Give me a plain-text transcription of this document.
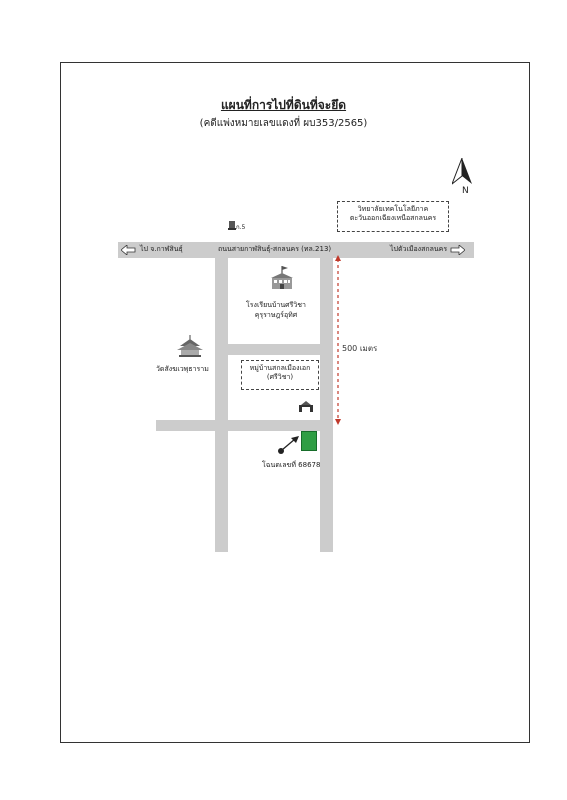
แผนที่การไปที่ดินที่จะยึด
(คดีแพ่งหมายเลขแดงที่ ผบ353/2565)
N
ถนนสายกาฬสินธุ์-สกลนคร (ทล.213)
ไป จ.กาฬสินธุ์	ไปตัวเมืองสกลนคร
ก.5
วิทยาลัยเทคโนโลยีภาค
ตะวันออกเฉียงเหนือสกลนคร
โรงเรียนบ้านศรีวิชา
คุรุราษฎร์อุทิศ
วัดสังฆเวพุธาราม	หมู่บ้านสกลเมืองเอก
(ศรีวิชา)
500 เมตร
โฉนดเลขที่ 68678
